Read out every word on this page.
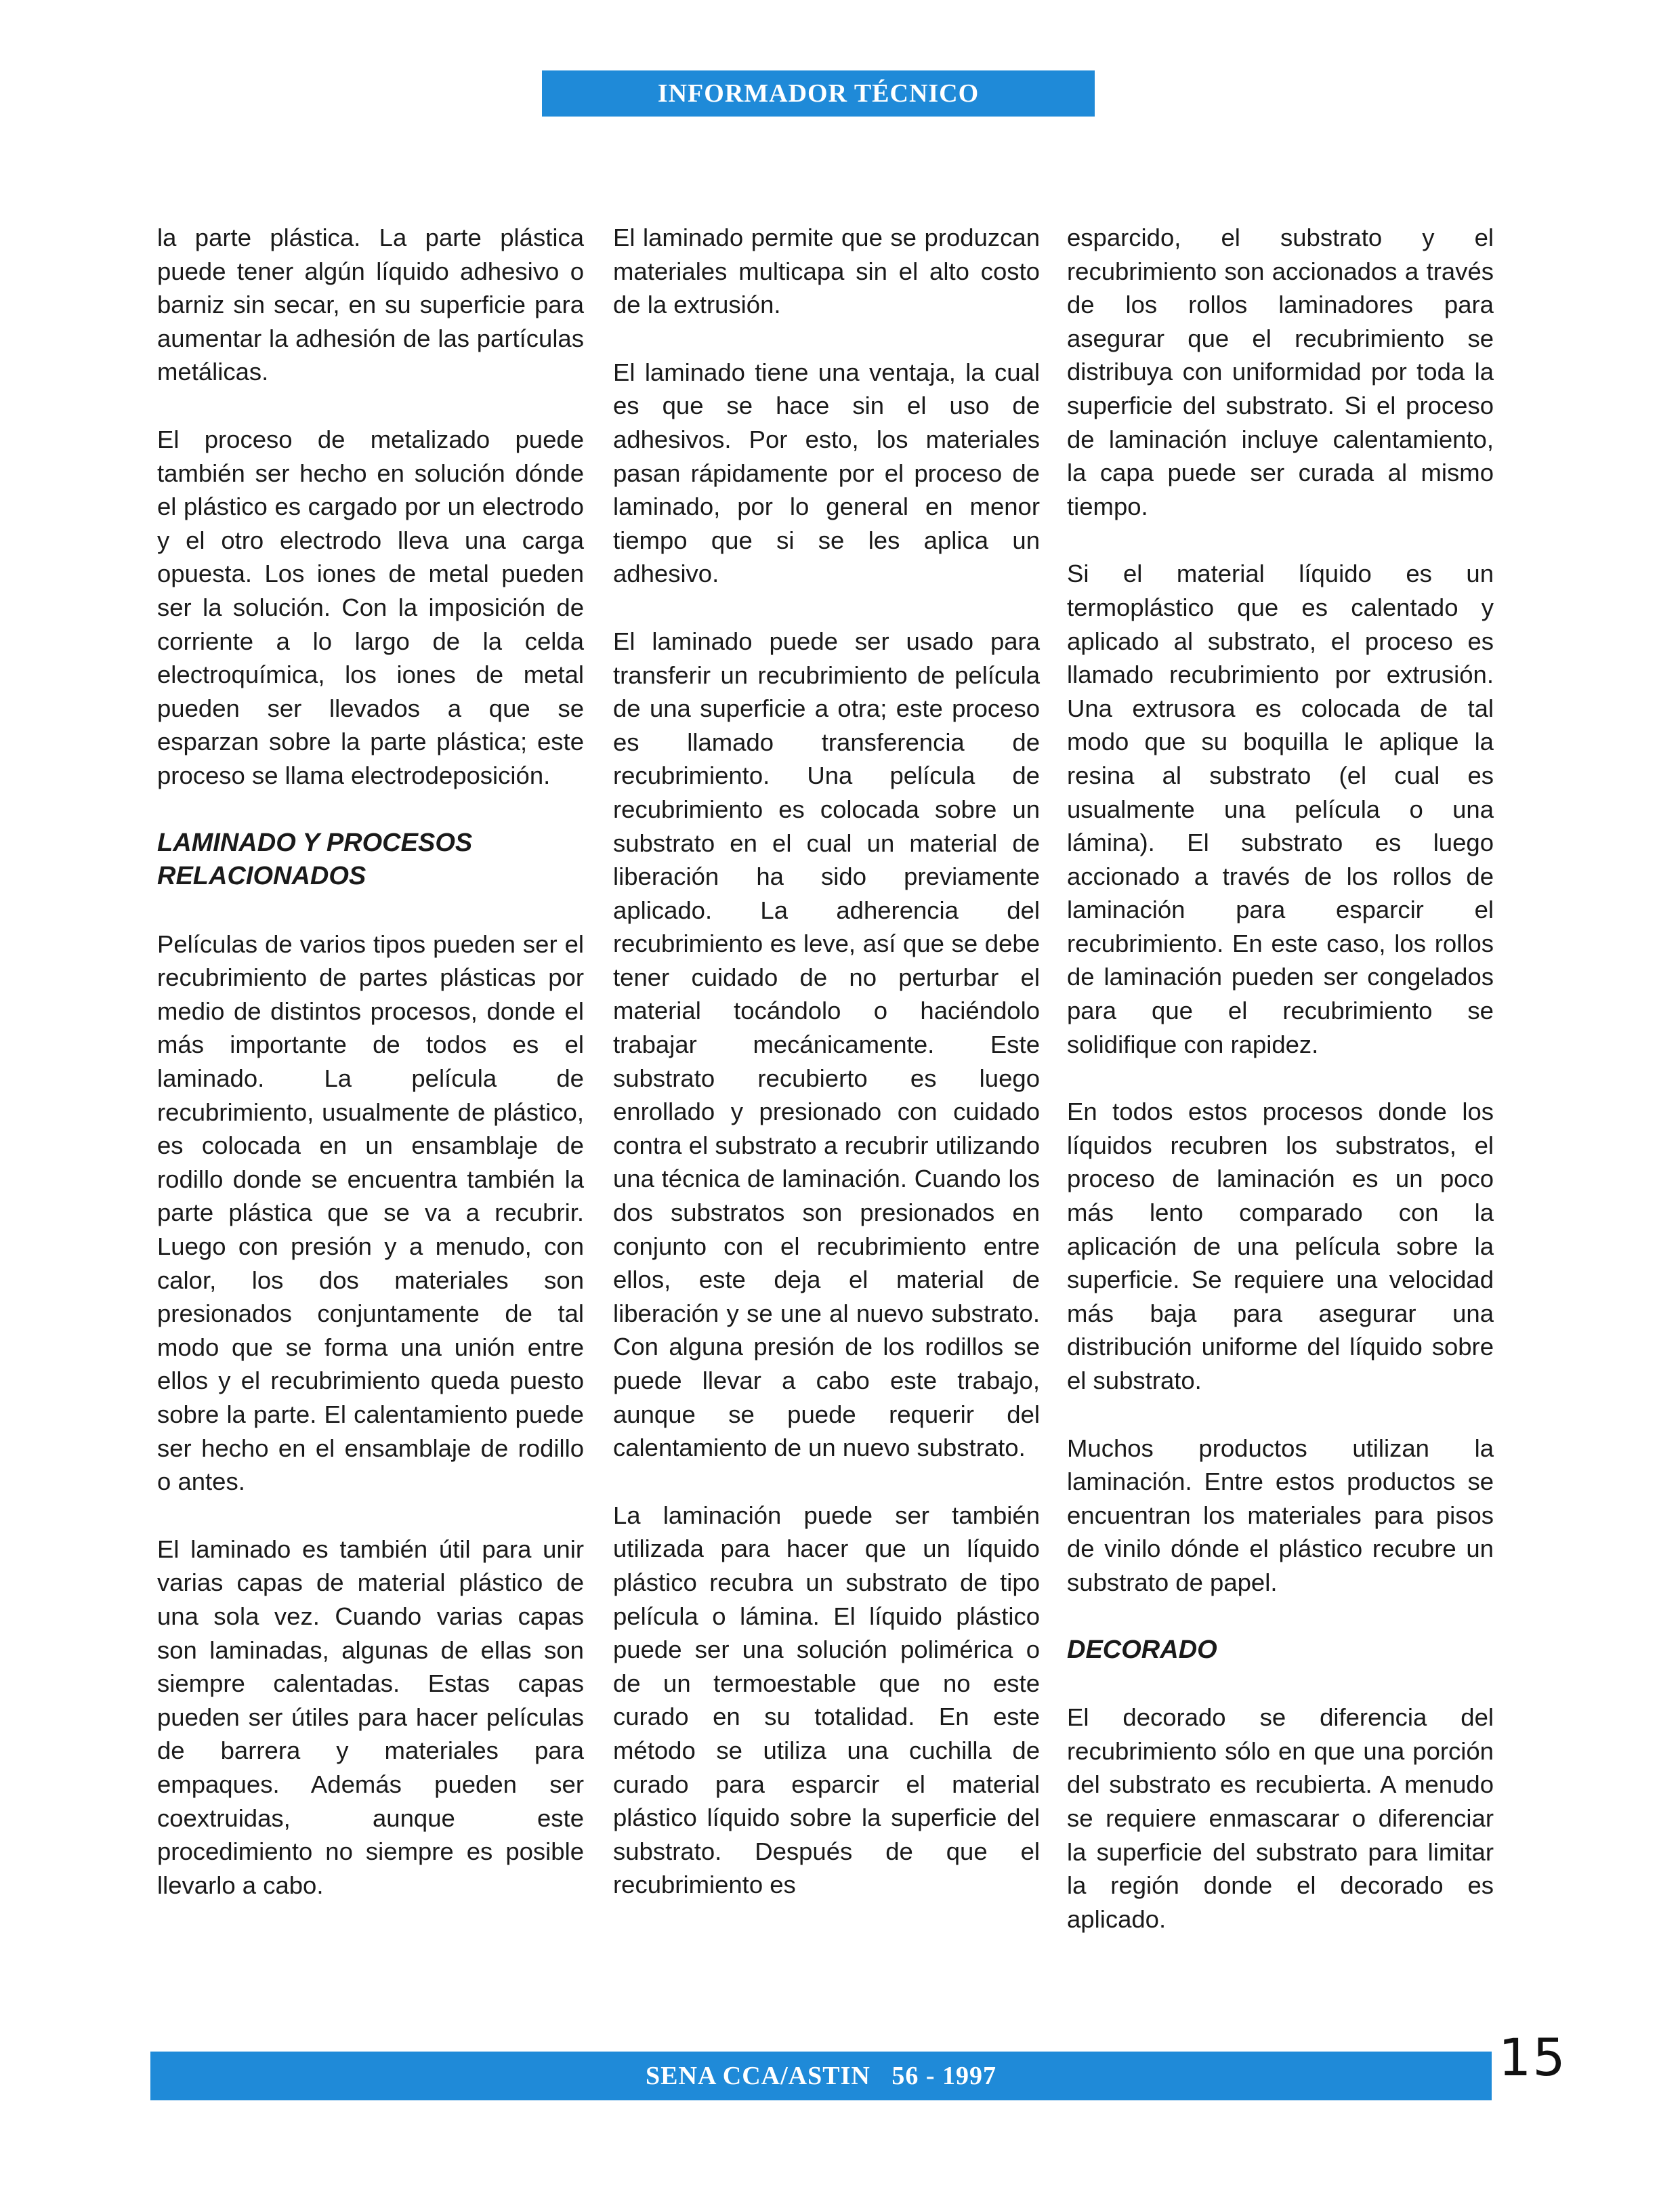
INFORMADOR TÉCNICO

la parte plástica. La parte plástica puede tener algún líquido adhesivo o barniz sin secar, en su superficie para aumentar la adhesión de las partículas metálicas.

El proceso de metalizado puede también ser hecho en solución dónde el plástico es cargado por un electrodo y el otro electrodo lleva una carga opuesta. Los iones de metal pueden ser la solución. Con la imposición de corriente a lo largo de la celda electroquímica, los iones de metal pueden ser llevados a que se esparzan sobre la parte plástica; este proceso se llama electrodeposición.

LAMINADO Y PROCESOS RELACIONADOS

Películas de varios tipos pueden ser el recubrimiento de partes plásticas por medio de distintos procesos, donde el más importante de todos es el laminado. La película de recubrimiento, usualmente de plástico, es colocada en un ensamblaje de rodillo donde se encuentra también la parte plástica que se va a recubrir. Luego con presión y a menudo, con calor, los dos materiales son presionados conjuntamente de tal modo que se forma una unión entre ellos y el recubrimiento queda puesto sobre la parte. El calentamiento puede ser hecho en el ensamblaje de rodillo o antes.

El laminado es también útil para unir varias capas de material plástico de una sola vez. Cuando varias capas son laminadas, algunas de ellas son siempre calentadas. Estas capas pueden ser útiles para hacer películas de barrera y materiales para empaques. Además pueden ser coextruidas, aunque este procedimiento no siempre es posible llevarlo a cabo.

El laminado permite que se produzcan materiales multicapa sin el alto costo de la extrusión.

El laminado tiene una ventaja, la cual es que se hace sin el uso de adhesivos. Por esto, los materiales pasan rápidamente por el proceso de laminado, por lo general en menor tiempo que si se les aplica un adhesivo.

El laminado puede ser usado para transferir un recubrimiento de película de una superficie a otra; este proceso es llamado transferencia de recubrimiento. Una película de recubrimiento es colocada sobre un substrato en el cual un material de liberación ha sido previamente aplicado. La adherencia del recubrimiento es leve, así que se debe tener cuidado de no perturbar el material tocándolo o haciéndolo trabajar mecánicamente. Este substrato recubierto es luego enrollado y presionado con cuidado contra el substrato a recubrir utilizando una técnica de laminación. Cuando los dos substratos son presionados en conjunto con el recubrimiento entre ellos, este deja el material de liberación y se une al nuevo substrato. Con alguna presión de los rodillos se puede llevar a cabo este trabajo, aunque se puede requerir del calentamiento de un nuevo substrato.

La laminación puede ser también utilizada para hacer que un líquido plástico recubra un substrato de tipo película o lámina. El líquido plástico puede ser una solución polimérica o de un termoestable que no este curado en su totalidad. En este método se utiliza una cuchilla de curado para esparcir el material plástico líquido sobre la superficie del substrato. Después de que el recubrimiento es

esparcido, el substrato y el recubrimiento son accionados a través de los rollos laminadores para asegurar que el recubrimiento se distribuya con uniformidad por toda la superficie del substrato. Si el proceso de laminación incluye calentamiento, la capa puede ser curada al mismo tiempo.

Si el material líquido es un termoplástico que es calentado y aplicado al substrato, el proceso es llamado recubrimiento por extrusión. Una extrusora es colocada de tal modo que su boquilla le aplique la resina al substrato (el cual es usualmente una película o una lámina). El substrato es luego accionado a través de los rollos de laminación para esparcir el recubrimiento. En este caso, los rollos de laminación pueden ser congelados para que el recubrimiento se solidifique con rapidez.

En todos estos procesos donde los líquidos recubren los substratos, el proceso de laminación es un poco más lento comparado con la aplicación de una película sobre la superficie. Se requiere una velocidad más baja para asegurar una distribución uniforme del líquido sobre el substrato.

Muchos productos utilizan la laminación. Entre estos productos se encuentran los materiales para pisos de vinilo dónde el plástico recubre un substrato de papel.

DECORADO

El decorado se diferencia del recubrimiento sólo en que una porción del substrato es recubierta. A menudo se requiere enmascarar o diferenciar la superficie del substrato para limitar la región donde el decorado es aplicado.

SENA CCA/ASTIN   56 - 1997	15
